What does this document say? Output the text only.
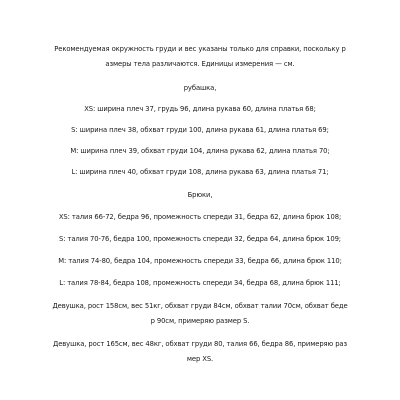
Рекомендуемая окружность груди и вес указаны только для справки, поскольку р
азмеры тела различаются. Единицы измерения — см.
рубашка,
XS: ширина плеч 37, грудь 96, длина рукава 60, длина платья 68;
S: ширина плеч 38, обхват груди 100, длина рукава 61, длина платья 69;
M: ширина плеч 39, обхват груди 104, длина рукава 62, длина платья 70;
L: ширина плеч 40, обхват груди 108, длина рукава 63, длина платья 71;
Брюки,
XS: талия 66-72, бедра 96, промежность спереди 31, бедра 62, длина брюк 108;
S: талия 70-76, бедра 100, промежность спереди 32, бедра 64, длина брюк 109;
M: талия 74-80, бедра 104, промежность спереди 33, бедра 66, длина брюк 110;
L: талия 78-84, бедра 108, промежность спереди 34, бедра 68, длина брюк 111;
Девушка, рост 158см, вес 51кг, обхват груди 84см, обхват талии 70см, обхват беде
р 90см, примеряю размер S.
Девушка, рост 165см, вес 48кг, обхват груди 80, талия 66, бедра 86, примеряю раз
мер XS.
